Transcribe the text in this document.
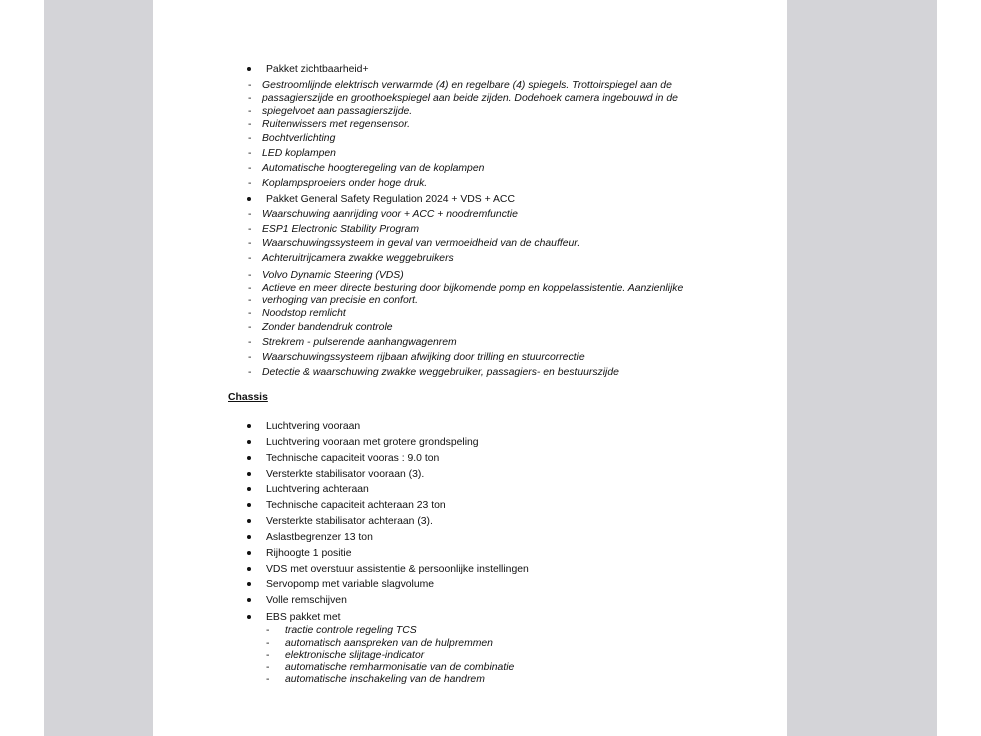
Pakket zichtbaarheid+
- Gestroomlijnde elektrisch verwarmde (4) en regelbare (4) spiegels. Trottoirspiegel aan de
- passagierszijde en groothoekspiegel aan beide zijden. Dodehoek camera ingebouwd in de
- spiegelvoet aan passagierszijde.
- Ruitenwissers met regensensor.
- Bochtverlichting
- LED koplampen
- Automatische hoogteregeling van de koplampen
- Koplampsproeiers onder hoge druk.
Pakket General Safety Regulation 2024 + VDS + ACC
- Waarschuwing aanrijding voor + ACC + noodremfunctie
- ESP1 Electronic Stability Program
- Waarschuwingssysteem in geval van vermoeidheid van de chauffeur.
- Achteruitrijcamera zwakke weggebruikers
- Volvo Dynamic Steering (VDS)
- Actieve en meer directe besturing door bijkomende pomp en koppelassistentie. Aanzienlijke
- verhoging van precisie en confort.
- Noodstop remlicht
- Zonder bandendruk controle
- Strekrem - pulserende aanhangwagenrem
- Waarschuwingssysteem rijbaan afwijking door trilling en stuurcorrectie
- Detectie & waarschuwing zwakke weggebruiker, passagiers- en bestuurszijde
Chassis
Luchtvering vooraan
Luchtvering vooraan met grotere grondspeling
Technische capaciteit vooras : 9.0 ton
Versterkte stabilisator vooraan (3).
Luchtvering achteraan
Technische capaciteit achteraan 23 ton
Versterkte stabilisator achteraan (3).
Aslastbegrenzer 13 ton
Rijhoogte 1 positie
VDS met overstuur assistentie & persoonlijke instellingen
Servopomp met variable slagvolume
Volle remschijven
EBS pakket met
- tractie controle regeling TCS
- automatisch aanspreken van de hulpremmen
- elektronische slijtage-indicator
- automatische remharmonisatie van de combinatie
- automatische inschakeling van de handrem
